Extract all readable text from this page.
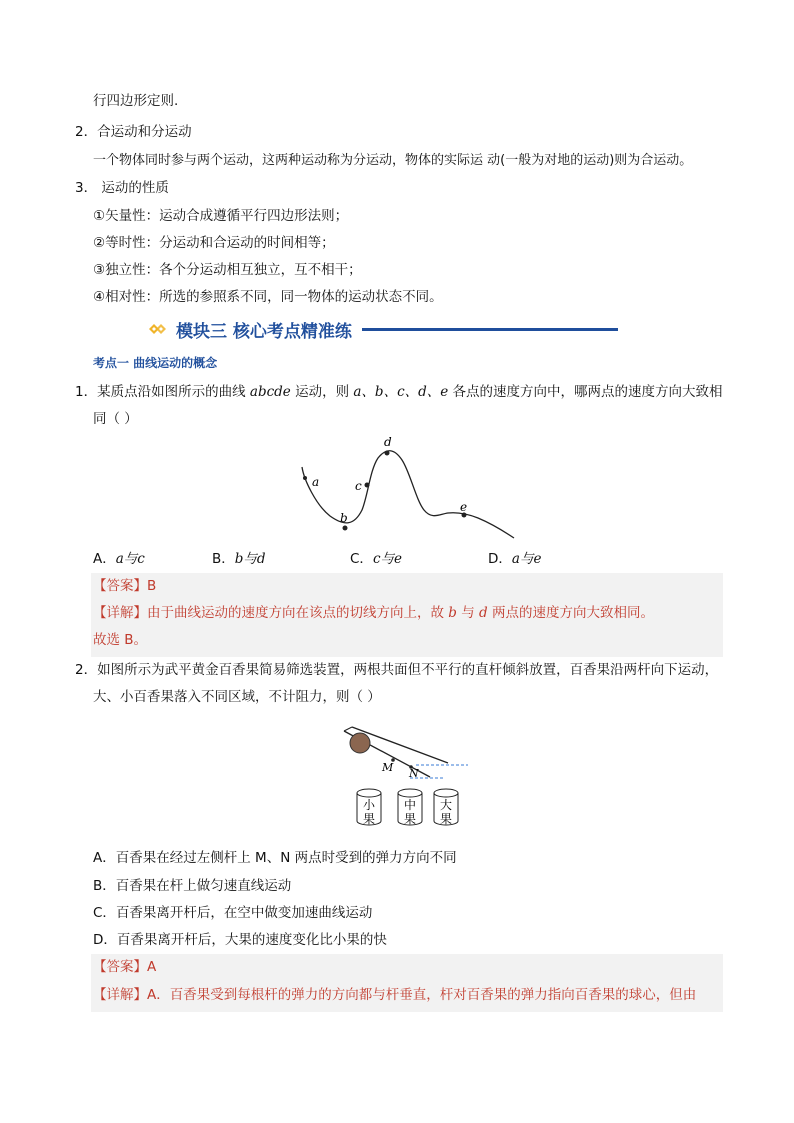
行四边形定则.
2．合运动和分运动
一个物体同时参与两个运动，这两种运动称为分运动，物体的实际运 动(一般为对地的运动)则为合运动。
3． 运动的性质
①矢量性：运动合成遵循平行四边形法则；
②等时性：分运动和合运动的时间相等；
③独立性：各个分运动相互独立，互不相干；
④相对性：所选的参照系不同，同一物体的运动状态不同。
模块三 核心考点精准练
考点一 曲线运动的概念
1．某质点沿如图所示的曲线 abcde 运动，则 a、b、c、d、e 各点的速度方向中，哪两点的速度方向大致相
同（ ）
a
b
c
d
e
A．a与c	B．b与d	C．c与e	D．a与e
【答案】B
【详解】由于曲线运动的速度方向在该点的切线方向上，故 b 与 d 两点的速度方向大致相同。
故选 B。
2．如图所示为武平黄金百香果简易筛选装置，两根共面但不平行的直杆倾斜放置，百香果沿两杆向下运动，
大、小百香果落入不同区域，不计阻力，则（ ）
M N
小
果
中
果
大
果
A．百香果在经过左侧杆上 M、N 两点时受到的弹力方向不同
B．百香果在杆上做匀速直线运动
C．百香果离开杆后，在空中做变加速曲线运动
D．百香果离开杆后，大果的速度变化比小果的快
【答案】A
【详解】A．百香果受到每根杆的弹力的方向都与杆垂直，杆对百香果的弹力指向百香果的球心，但由
